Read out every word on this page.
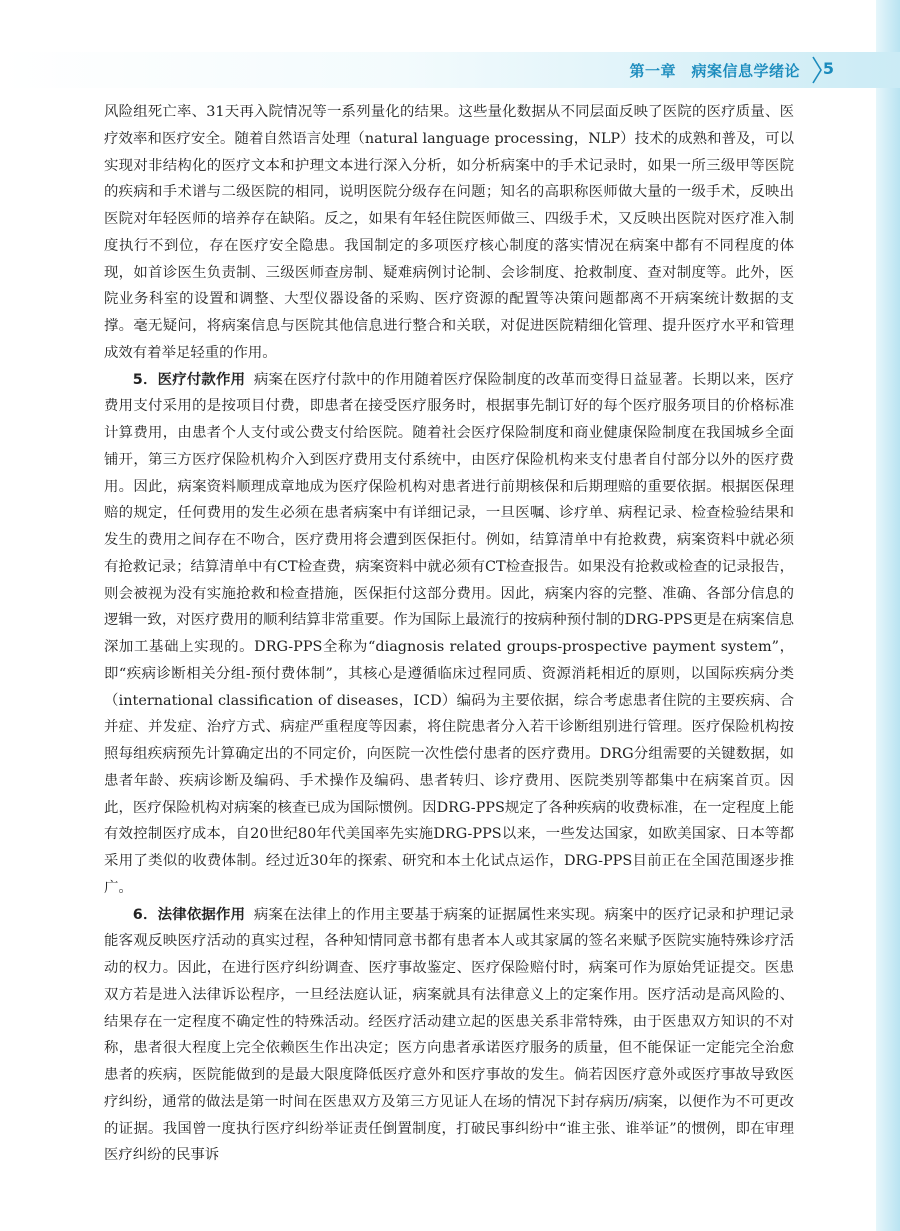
第一章　病案信息学绪论 5

风险组死亡率、31天再入院情况等一系列量化的结果。这些量化数据从不同层面反映了医院的医疗质量、医疗效率和医疗安全。随着自然语言处理（natural language processing，NLP）技术的成熟和普及，可以实现对非结构化的医疗文本和护理文本进行深入分析，如分析病案中的手术记录时，如果一所三级甲等医院的疾病和手术谱与二级医院的相同，说明医院分级存在问题；知名的高职称医师做大量的一级手术，反映出医院对年轻医师的培养存在缺陷。反之，如果有年轻住院医师做三、四级手术，又反映出医院对医疗准入制度执行不到位，存在医疗安全隐患。我国制定的多项医疗核心制度的落实情况在病案中都有不同程度的体现，如首诊医生负责制、三级医师查房制、疑难病例讨论制、会诊制度、抢救制度、查对制度等。此外，医院业务科室的设置和调整、大型仪器设备的采购、医疗资源的配置等决策问题都离不开病案统计数据的支撑。毫无疑问，将病案信息与医院其他信息进行整合和关联，对促进医院精细化管理、提升医疗水平和管理成效有着举足轻重的作用。

5．医疗付款作用 病案在医疗付款中的作用随着医疗保险制度的改革而变得日益显著。长期以来，医疗费用支付采用的是按项目付费，即患者在接受医疗服务时，根据事先制订好的每个医疗服务项目的价格标准计算费用，由患者个人支付或公费支付给医院。随着社会医疗保险制度和商业健康保险制度在我国城乡全面铺开，第三方医疗保险机构介入到医疗费用支付系统中，由医疗保险机构来支付患者自付部分以外的医疗费用。因此，病案资料顺理成章地成为医疗保险机构对患者进行前期核保和后期理赔的重要依据。根据医保理赔的规定，任何费用的发生必须在患者病案中有详细记录，一旦医嘱、诊疗单、病程记录、检查检验结果和发生的费用之间存在不吻合，医疗费用将会遭到医保拒付。例如，结算清单中有抢救费，病案资料中就必须有抢救记录；结算清单中有CT检查费，病案资料中就必须有CT检查报告。如果没有抢救或检查的记录报告，则会被视为没有实施抢救和检查措施，医保拒付这部分费用。因此，病案内容的完整、准确、各部分信息的逻辑一致，对医疗费用的顺利结算非常重要。作为国际上最流行的按病种预付制的DRG-PPS更是在病案信息深加工基础上实现的。DRG-PPS全称为“diagnosis related groups-prospective payment system”，即“疾病诊断相关分组-预付费体制”，其核心是遵循临床过程同质、资源消耗相近的原则，以国际疾病分类（international classification of diseases，ICD）编码为主要依据，综合考虑患者住院的主要疾病、合并症、并发症、治疗方式、病症严重程度等因素，将住院患者分入若干诊断组别进行管理。医疗保险机构按照每组疾病预先计算确定出的不同定价，向医院一次性偿付患者的医疗费用。DRG分组需要的关键数据，如患者年龄、疾病诊断及编码、手术操作及编码、患者转归、诊疗费用、医院类别等都集中在病案首页。因此，医疗保险机构对病案的核查已成为国际惯例。因DRG-PPS规定了各种疾病的收费标准，在一定程度上能有效控制医疗成本，自20世纪80年代美国率先实施DRG-PPS以来，一些发达国家，如欧美国家、日本等都采用了类似的收费体制。经过近30年的探索、研究和本土化试点运作，DRG-PPS目前正在全国范围逐步推广。

6．法律依据作用 病案在法律上的作用主要基于病案的证据属性来实现。病案中的医疗记录和护理记录能客观反映医疗活动的真实过程，各种知情同意书都有患者本人或其家属的签名来赋予医院实施特殊诊疗活动的权力。因此，在进行医疗纠纷调查、医疗事故鉴定、医疗保险赔付时，病案可作为原始凭证提交。医患双方若是进入法律诉讼程序，一旦经法庭认证，病案就具有法律意义上的定案作用。医疗活动是高风险的、结果存在一定程度不确定性的特殊活动。经医疗活动建立起的医患关系非常特殊，由于医患双方知识的不对称，患者很大程度上完全依赖医生作出决定；医方向患者承诺医疗服务的质量，但不能保证一定能完全治愈患者的疾病，医院能做到的是最大限度降低医疗意外和医疗事故的发生。倘若因医疗意外或医疗事故导致医疗纠纷，通常的做法是第一时间在医患双方及第三方见证人在场的情况下封存病历/病案，以便作为不可更改的证据。我国曾一度执行医疗纠纷举证责任倒置制度，打破民事纠纷中“谁主张、谁举证”的惯例，即在审理医疗纠纷的民事诉
